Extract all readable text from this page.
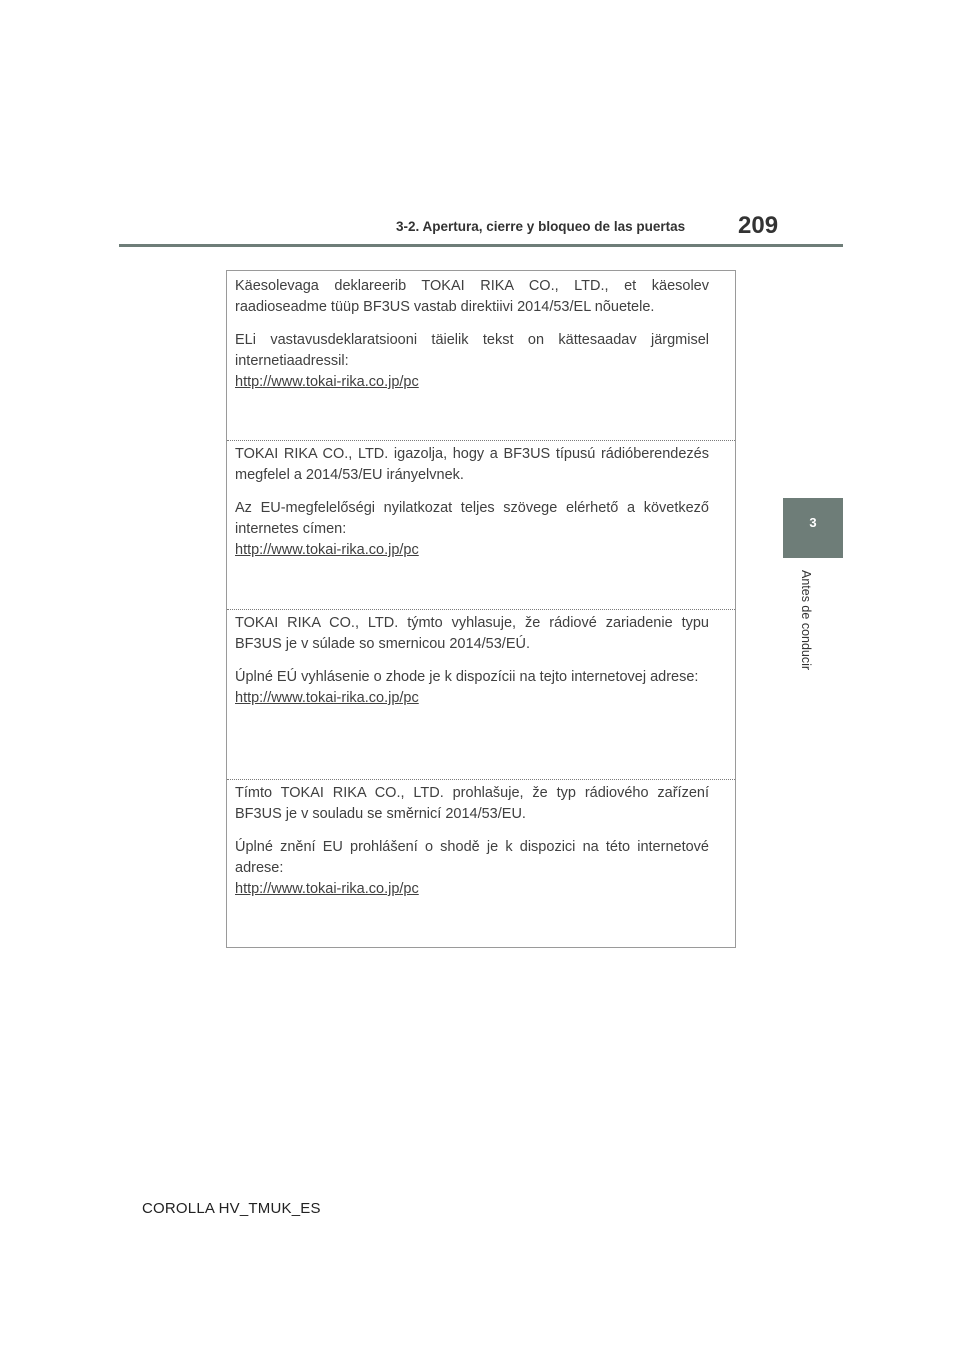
3-2. Apertura, cierre y bloqueo de las puertas 209
3
Antes de conducir

Käesolevaga deklareerib TOKAI RIKA CO., LTD., et käesolev raadioseadme tüüp BF3US vastab direktiivi 2014/53/EL nõuetele.

ELi vastavusdeklaratsiooni täielik tekst on kättesaadav järgmisel internetiaadressil:

http://www.tokai-rika.co.jp/pc

TOKAI RIKA CO., LTD. igazolja, hogy a BF3US típusú rádióberendezés megfelel a 2014/53/EU irányelvnek.

Az EU-megfelelőségi nyilatkozat teljes szövege elérhető a következő internetes címen:

http://www.tokai-rika.co.jp/pc

TOKAI RIKA CO., LTD. týmto vyhlasuje, že rádiové zariadenie typu BF3US je v súlade so smernicou 2014/53/EÚ.

Úplné EÚ vyhlásenie o zhode je k dispozícii na tejto internetovej adrese:

http://www.tokai-rika.co.jp/pc

Tímto TOKAI RIKA CO., LTD. prohlašuje, že typ rádiového zařízení BF3US je v souladu se směrnicí 2014/53/EU.

Úplné znění EU prohlášení o shodě je k dispozici na této internetové adrese:

http://www.tokai-rika.co.jp/pc
COROLLA HV_TMUK_ES
